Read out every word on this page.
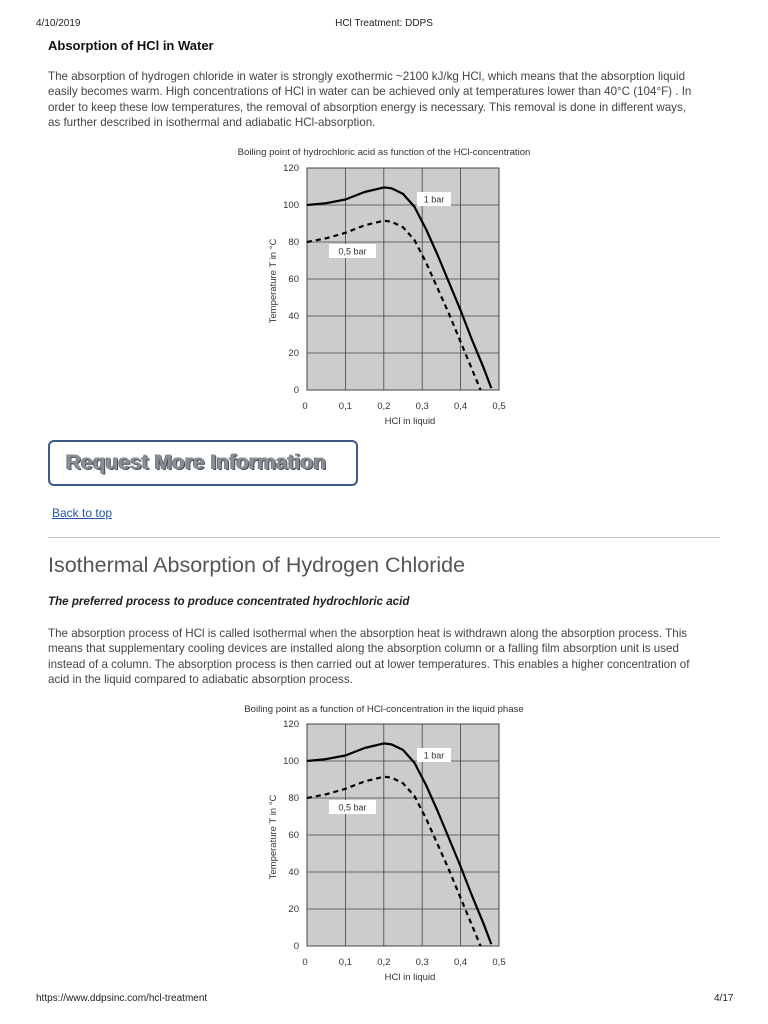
4/10/2019	HCl Treatment: DDPS
Absorption of HCl in Water
The absorption of hydrogen chloride in water is strongly exothermic ~2100 kJ/kg HCl, which means that the absorption liquid
easily becomes warm. High concentrations of HCl in water can be achieved only at temperatures lower than 40°C (104°F) . In
order to keep these low temperatures, the removal of absorption energy is necessary. This removal is done in different ways,
as further described in isothermal and adiabatic HCl-absorption.
Boiling point of hydrochloric acid as function of the HCl-concentration
0	0,1	0,2	0,3	0,4	0,5
0
20
40
60
80
100
120
HCl in liquid
Temperature T in °C
1 bar
0,5 bar
Request More Information
Back to top
Isothermal Absorption of Hydrogen Chloride
The preferred process to produce concentrated hydrochloric acid
The absorption process of HCl is called isothermal when the absorption heat is withdrawn along the absorption process. This
means that supplementary cooling devices are installed along the absorption column or a falling film absorption unit is used
instead of a column. The absorption process is then carried out at lower temperatures. This enables a higher concentration of
acid in the liquid compared to adiabatic absorption process.
Boiling point as a function of HCl-concentration in the liquid phase
0	0,1	0,2	0,3	0,4	0,5
0
20
40
60
80
100
120
HCl in liquid
Temperature T in °C
1 bar
0,5 bar
https://www.ddpsinc.com/hcl-treatment	4/17
